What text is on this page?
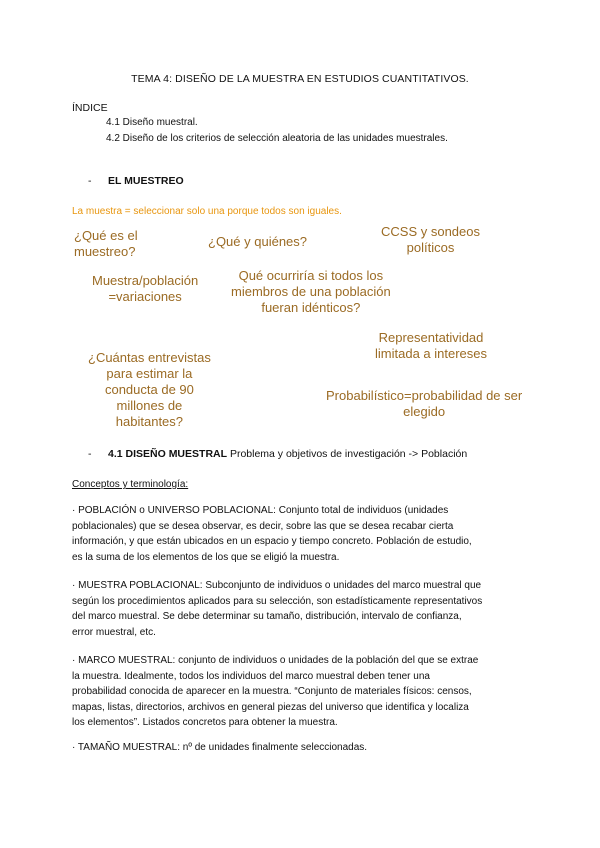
TEMA 4: DISEÑO DE LA MUESTRA EN ESTUDIOS CUANTITATIVOS.
ÍNDICE
4.1 Diseño muestral.
4.2 Diseño de los criterios de selección aleatoria de las unidades muestrales.
- EL MUESTREO
La muestra = seleccionar solo una porque todos son iguales.
¿Qué es el
muestreo?
¿Qué y quiénes?
CCSS y sondeos
políticos
Muestra/población
=variaciones
Qué ocurriría si todos los
miembros de una población
fueran idénticos?
Representatividad
limitada a intereses
¿Cuántas entrevistas
para estimar la
conducta de 90
millones de
habitantes?
Probabilístico=probabilidad de ser
elegido
- 4.1 DISEÑO MUESTRAL Problema y objetivos de investigación -> Población
Conceptos y terminología:

· POBLACIÓN o UNIVERSO POBLACIONAL: Conjunto total de individuos (unidades

poblacionales) que se desea observar, es decir, sobre las que se desea recabar cierta

información, y que están ubicados en un espacio y tiempo concreto. Población de estudio,

es la suma de los elementos de los que se eligió la muestra.

· MUESTRA POBLACIONAL: Subconjunto de individuos o unidades del marco muestral que

según los procedimientos aplicados para su selección, son estadísticamente representativos

del marco muestral. Se debe determinar su tamaño, distribución, intervalo de confianza,

error muestral, etc.

· MARCO MUESTRAL: conjunto de individuos o unidades de la población del que se extrae

la muestra. Idealmente, todos los individuos del marco muestral deben tener una

probabilidad conocida de aparecer en la muestra. “Conjunto de materiales físicos: censos,

mapas, listas, directorios, archivos en general piezas del universo que identifica y localiza

los elementos”. Listados concretos para obtener la muestra.

· TAMAÑO MUESTRAL: nº de unidades finalmente seleccionadas.
